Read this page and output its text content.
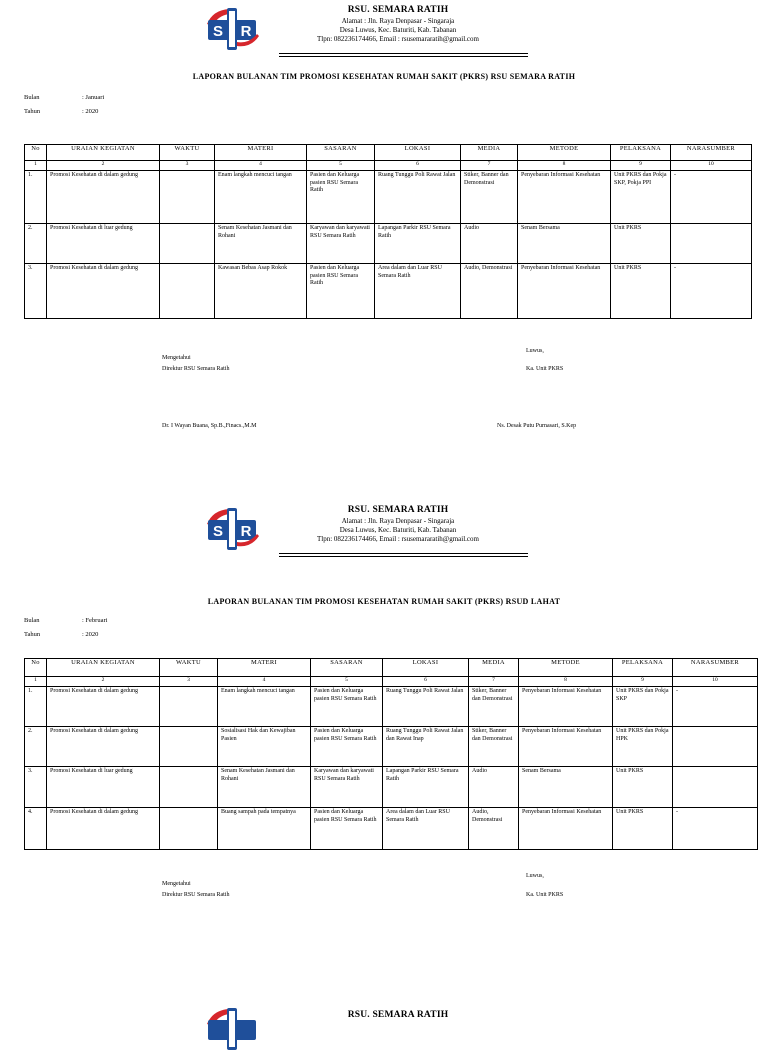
S R
RSU. SEMARA RATIH
Alamat : Jln. Raya Denpasar - Singaraja
Desa Luwus, Kec. Baturiti, Kab. Tabanan
Tlpn: 082236174466, Email : rsusemararatih@gmail.com
LAPORAN BULANAN TIM PROMOSI KESEHATAN RUMAH SAKIT (PKRS) RSU SEMARA RATIH
Bulan	: Januari
Tahun	: 2020
No	URAIAN KEGIATAN	WAKTU	MATERI	SASARAN	LOKASI	MEDIA	METODE	PELAKSANA	NARASUMBER
1	2	3	4	5	6	7	8	9	10
1.	Promosi Kesehatan di dalam gedung		Enam langkah mencuci tangan	Pasien dan Keluarga pasien RSU Semara Ratih	Ruang Tunggu Poli Rawat Jalan	Stiker, Banner dan Demonstrasi	Penyebaran Informasi Kesehatan	Unit PKRS dan Pokja SKP, Pokja PPI	-
2.	Promosi Kesehatan di luar gedung		Senam Kesehatan Jasmani dan Rohani	Karyawan dan karyawati RSU Semara Ratih	Lapangan Parkir RSU Semara Ratih	Audio	Senam Bersama	Unit PKRS	
3.	Promosi Kesehatan di dalam gedung		Kawasan Bebas Asap Rokok	Pasien dan Keluarga pasien RSU Semara Ratih	Area dalam dan Luar RSU Semara Ratih	Audio, Demonstrasi	Penyebaran Informasi Kesehatan	Unit PKRS	-
Luwus,
Mengetahui
Direktur RSU Semara Ratih	Ka. Unit PKRS
Dr. I Wayan Buana, Sp.B.,Finacs.,M.M	Ns. Desak Putu Purnasari, S.Kep
S R
RSU. SEMARA RATIH
Alamat : Jln. Raya Denpasar - Singaraja
Desa Luwus, Kec. Baturiti, Kab. Tabanan
Tlpn: 082236174466, Email : rsusemararatih@gmail.com
LAPORAN BULANAN TIM PROMOSI KESEHATAN RUMAH SAKIT (PKRS) RSUD LAHAT
Bulan	: Februari
Tahun	: 2020
No	URAIAN KEGIATAN	WAKTU	MATERI	SASARAN	LOKASI	MEDIA	METODE	PELAKSANA	NARASUMBER
1	2	3	4	5	6	7	8	9	10
1.	Promosi Kesehatan di dalam gedung		Enam langkah mencuci tangan	Pasien dan Keluarga pasien RSU Semara Ratih	Ruang Tunggu Poli Rawat Jalan	Stiker, Banner dan Demonstrasi	Penyebaran Informasi Kesehatan	Unit PKRS dan Pokja SKP	-
2.	Promosi Kesehatan di dalam gedung		Sosialisasi Hak dan Kewajiban Pasien	Pasien dan Keluarga pasien RSU Semara Ratih	Ruang Tunggu Poli Rawat Jalan dan Rawat Inap	Stiker, Banner dan Demonstrasi	Penyebaran Informasi Kesehatan	Unit PKRS dan Pokja HPK	
3.	Promosi Kesehatan di luar gedung		Senam Kesehatan Jasmani dan Rohani	Karyawan dan karyawati RSU Semara Ratih	Lapangan Parkir RSU Semara Ratih	Audio	Senam Bersama	Unit PKRS	
4.	Promosi Kesehatan di dalam gedung		Buang sampah pada tempatnya	Pasien dan Keluarga pasien RSU Semara Ratih	Area dalam dan Luar RSU Semara Ratih	Audio, Demonstrasi	Penyebaran Informasi Kesehatan	Unit PKRS	-
Luwus,
Mengetahui
Direktur RSU Semara Ratih	Ka. Unit PKRS
RSU. SEMARA RATIH
